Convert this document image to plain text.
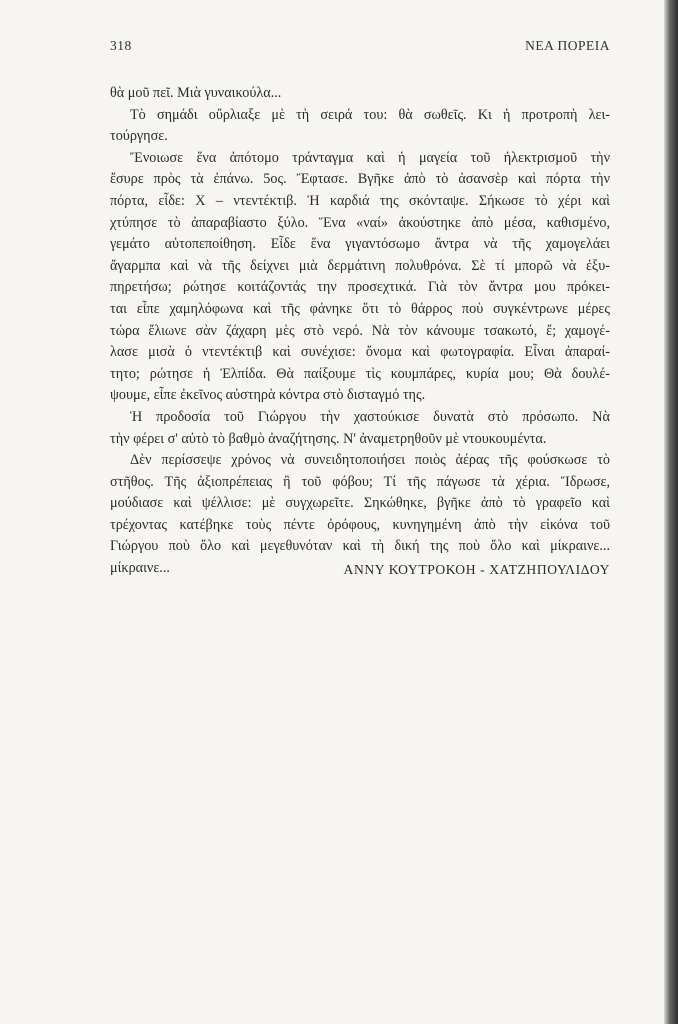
318	ΝΕΑ ΠΟΡΕΙΑ
θὰ μοῦ πεῖ. Μιὰ γυναικούλα...
Τὸ σημάδι οὔρλιαξε μὲ τὴ σειρά του: θὰ σωθεῖς. Κι ἡ προτροπὴ λει-
τούργησε.
Ἔνοιωσε ἕνα ἀπότομο τράνταγμα καὶ ἡ μαγεία τοῦ ἠλεκτρισμοῦ τὴν
ἔσυρε πρὸς τὰ ἐπάνω. 5ος. Ἔφτασε. Βγῆκε ἀπὸ τὸ ἀσανσὲρ καὶ πόρτα τὴν
πόρτα, εἶδε: Χ – ντεντέκτιβ. Ἡ καρδιά της σκόνταψε. Σήκωσε τὸ χέρι καὶ
χτύπησε τὸ ἀπαραβίαστο ξύλο. Ἕνα «ναί» ἀκούστηκε ἀπὸ μέσα, καθισμένο,
γεμάτο αὐτοπεποίθηση. Εἶδε ἕνα γιγαντόσωμο ἄντρα νὰ τῆς χαμογελάει
ἄγαρμπα καὶ νὰ τῆς δείχνει μιὰ δερμάτινη πολυθρόνα. Σὲ τί μπορῶ νὰ ἐξυ-
πηρετήσω; ρώτησε κοιτάζοντάς την προσεχτικά. Γιὰ τὸν ἄντρα μου πρόκει-
ται εἶπε χαμηλόφωνα καὶ τῆς φάνηκε ὅτι τὸ θάρρος ποὺ συγκέντρωνε μέρες
τώρα ἔλιωνε σὰν ζάχαρη μὲς στὸ νερό. Νὰ τὸν κάνουμε τσακωτό, ἔ; χαμογέ-
λασε μισὰ ὁ ντεντέκτιβ καὶ συνέχισε: ὄνομα καὶ φωτογραφία. Εἶναι ἀπαραί-
τητο; ρώτησε ἡ Ἐλπίδα. Θὰ παίξουμε τὶς κουμπάρες, κυρία μου; Θὰ δουλέ-
ψουμε, εἶπε ἐκεῖνος αὐστηρὰ κόντρα στὸ δισταγμό της.
Ἡ προδοσία τοῦ Γιώργου τὴν χαστούκισε δυνατὰ στὸ πρόσωπο. Νὰ
τὴν φέρει σ' αὐτὸ τὸ βαθμὸ ἀναζήτησης. Ν' ἀναμετρηθοῦν μὲ ντουκουμέντα.
Δὲν περίσσεψε χρόνος νὰ συνειδητοποιήσει ποιὸς ἀέρας τῆς φούσκωσε τὸ
στῆθος. Τῆς ἀξιοπρέπειας ἢ τοῦ φόβου; Τί τῆς πάγωσε τὰ χέρια. Ἵδρωσε,
μούδιασε καὶ ψέλλισε: μὲ συγχωρεῖτε. Σηκώθηκε, βγῆκε ἀπὸ τὸ γραφεῖο καὶ
τρέχοντας κατέβηκε τοὺς πέντε ὀρόφους, κυνηγημένη ἀπὸ τὴν εἰκόνα τοῦ
Γιώργου ποὺ ὅλο καὶ μεγεθυνόταν καὶ τὴ δική της ποὺ ὅλο καὶ μίκραινε...
μίκραινε...	ΑΝΝΥ ΚΟΥΤΡΟΚΟΗ - ΧΑΤΖΗΠΟΥΛΙΔΟΥ
